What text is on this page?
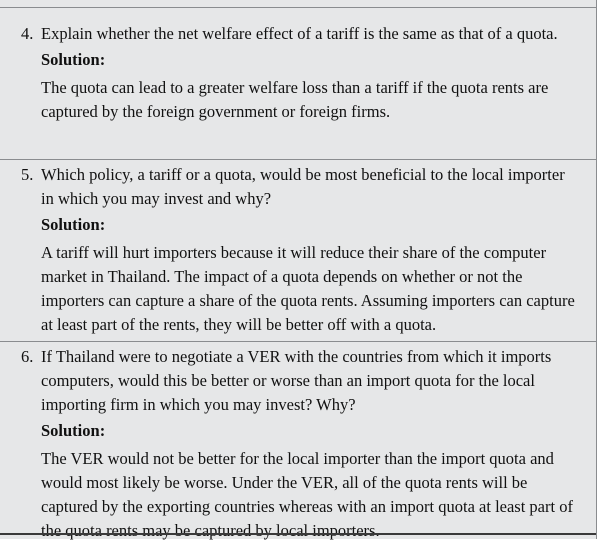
4. Explain whether the net welfare effect of a tariff is the same as that of a quota.

Solution:

The quota can lead to a greater welfare loss than a tariff if the quota rents are captured by the foreign government or foreign firms.

5. Which policy, a tariff or a quota, would be most beneficial to the local importer in which you may invest and why?

Solution:

A tariff will hurt importers because it will reduce their share of the computer market in Thailand. The impact of a quota depends on whether or not the importers can capture a share of the quota rents. Assuming importers can capture at least part of the rents, they will be better off with a quota.

6. If Thailand were to negotiate a VER with the countries from which it imports computers, would this be better or worse than an import quota for the local importing firm in which you may invest? Why?

Solution:

The VER would not be better for the local importer than the import quota and would most likely be worse. Under the VER, all of the quota rents will be captured by the exporting countries whereas with an import quota at least part of the quota rents may be captured by local importers.
